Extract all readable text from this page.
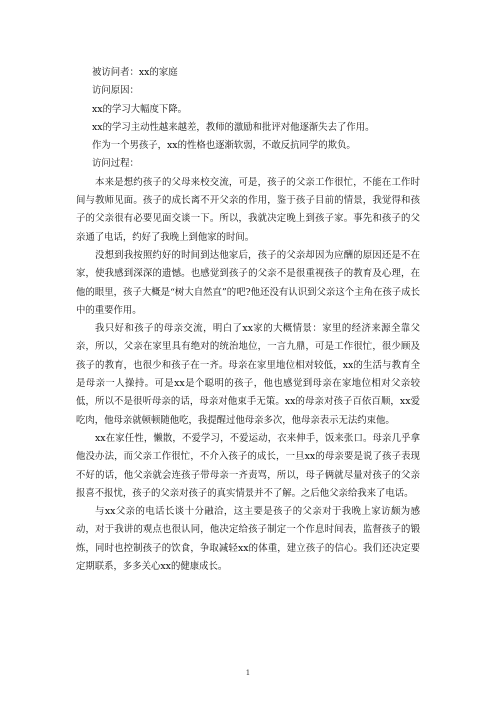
被访问者：xx的家庭
访问原因：
xx的学习大幅度下降。
xx的学习主动性越来越差，教师的激励和批评对他逐渐失去了作用。
作为一个男孩子，xx的性格也逐渐软弱，不敢反抗同学的欺负。
访问过程：
本来是想约孩子的父母来校交流，可是，孩子的父亲工作很忙，不能在工作时间与教师见面。孩子的成长离不开父亲的作用，鉴于孩子目前的情景，我觉得和孩子的父亲很有必要见面交谈一下。所以，我就决定晚上到孩子家。事先和孩子的父亲通了电话，约好了我晚上到他家的时间。
没想到我按照约好的时间到达他家后，孩子的父亲却因为应酬的原因还是不在家，使我感到深深的遗憾。也感觉到孩子的父亲不是很重视孩子的教育及心理，在他的眼里，孩子大概是“树大自然直”的吧?他还没有认识到父亲这个主角在孩子成长中的重要作用。
我只好和孩子的母亲交流，明白了xx家的大概情景：家里的经济来源全靠父亲，所以，父亲在家里具有绝对的统治地位，一言九鼎，可是工作很忙，很少顾及孩子的教育，也很少和孩子在一齐。母亲在家里地位相对较低，xx的生活与教育全是母亲一人操持。可是xx是个聪明的孩子，他也感觉到母亲在家地位相对父亲较低，所以不是很听母亲的话，母亲对他束手无策。xx的母亲对孩子百依百顺，xx爱吃肉，他母亲就顿顿随他吃，我提醒过他母亲多次，他母亲表示无法约束他。
xx在家任性，懒散，不爱学习，不爱运动，衣来伸手，饭来张口。母亲几乎拿他没办法，而父亲工作很忙，不介入孩子的成长，一旦xx的母亲要是说了孩子表现不好的话，他父亲就会连孩子带母亲一齐责骂，所以，母子俩就尽量对孩子的父亲报喜不报忧，孩子的父亲对孩子的真实情景并不了解。之后他父亲给我来了电话。
与xx父亲的电话长谈十分融洽，这主要是孩子的父亲对于我晚上家访颇为感动，对于我讲的观点也很认同，他决定给孩子制定一个作息时间表，监督孩子的锻炼，同时也控制孩子的饮食，争取减轻xx的体重，建立孩子的信心。我们还决定要定期联系，多多关心xx的健康成长。
1
